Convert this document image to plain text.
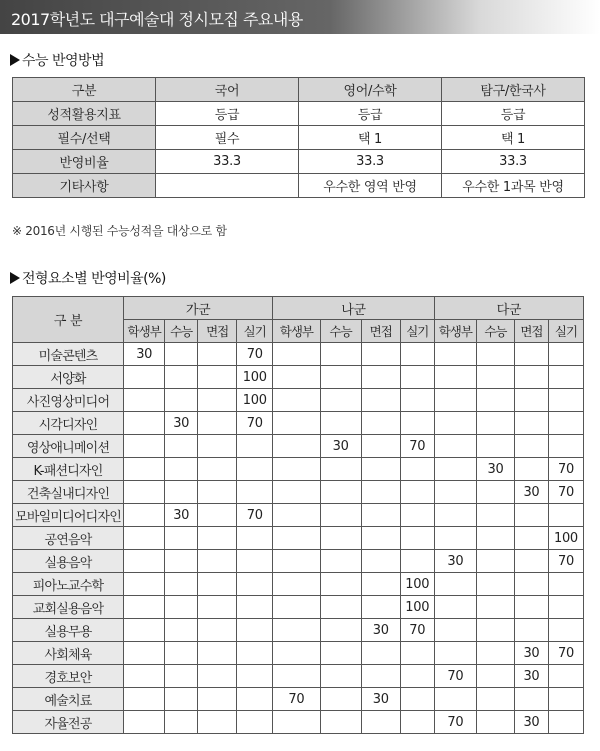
2017학년도 대구예술대 정시모집 주요내용
수능 반영방법
구분	국어	영어/수학	탐구/한국사
성적활용지표	등급	등급	등급
필수/선택	필수	택 1	택 1
반영비율	33.3	33.3	33.3
기타사항		우수한 영역 반영	우수한 1과목 반영
※ 2016년 시행된 수능성적을 대상으로 함
전형요소별 반영비율(%)
구 분	가군				나군				다군			
	학생부	수능	면접	실기	학생부	수능	면접	실기	학생부	수능	면접	실기
미술콘텐츠	30			70								
서양화				100								
사진영상미디어				100								
시각디자인		30		70								
영상애니메이션						30		70				
K-패션디자인										30		70
건축실내디자인											30	70
모바일미디어디자인		30		70								
공연음악												100
실용음악									30			70
피아노교수학								100				
교회실용음악								100				
실용무용							30	70				
사회체육											30	70
경호보안									70		30	
예술치료					70		30					
자율전공									70		30	
